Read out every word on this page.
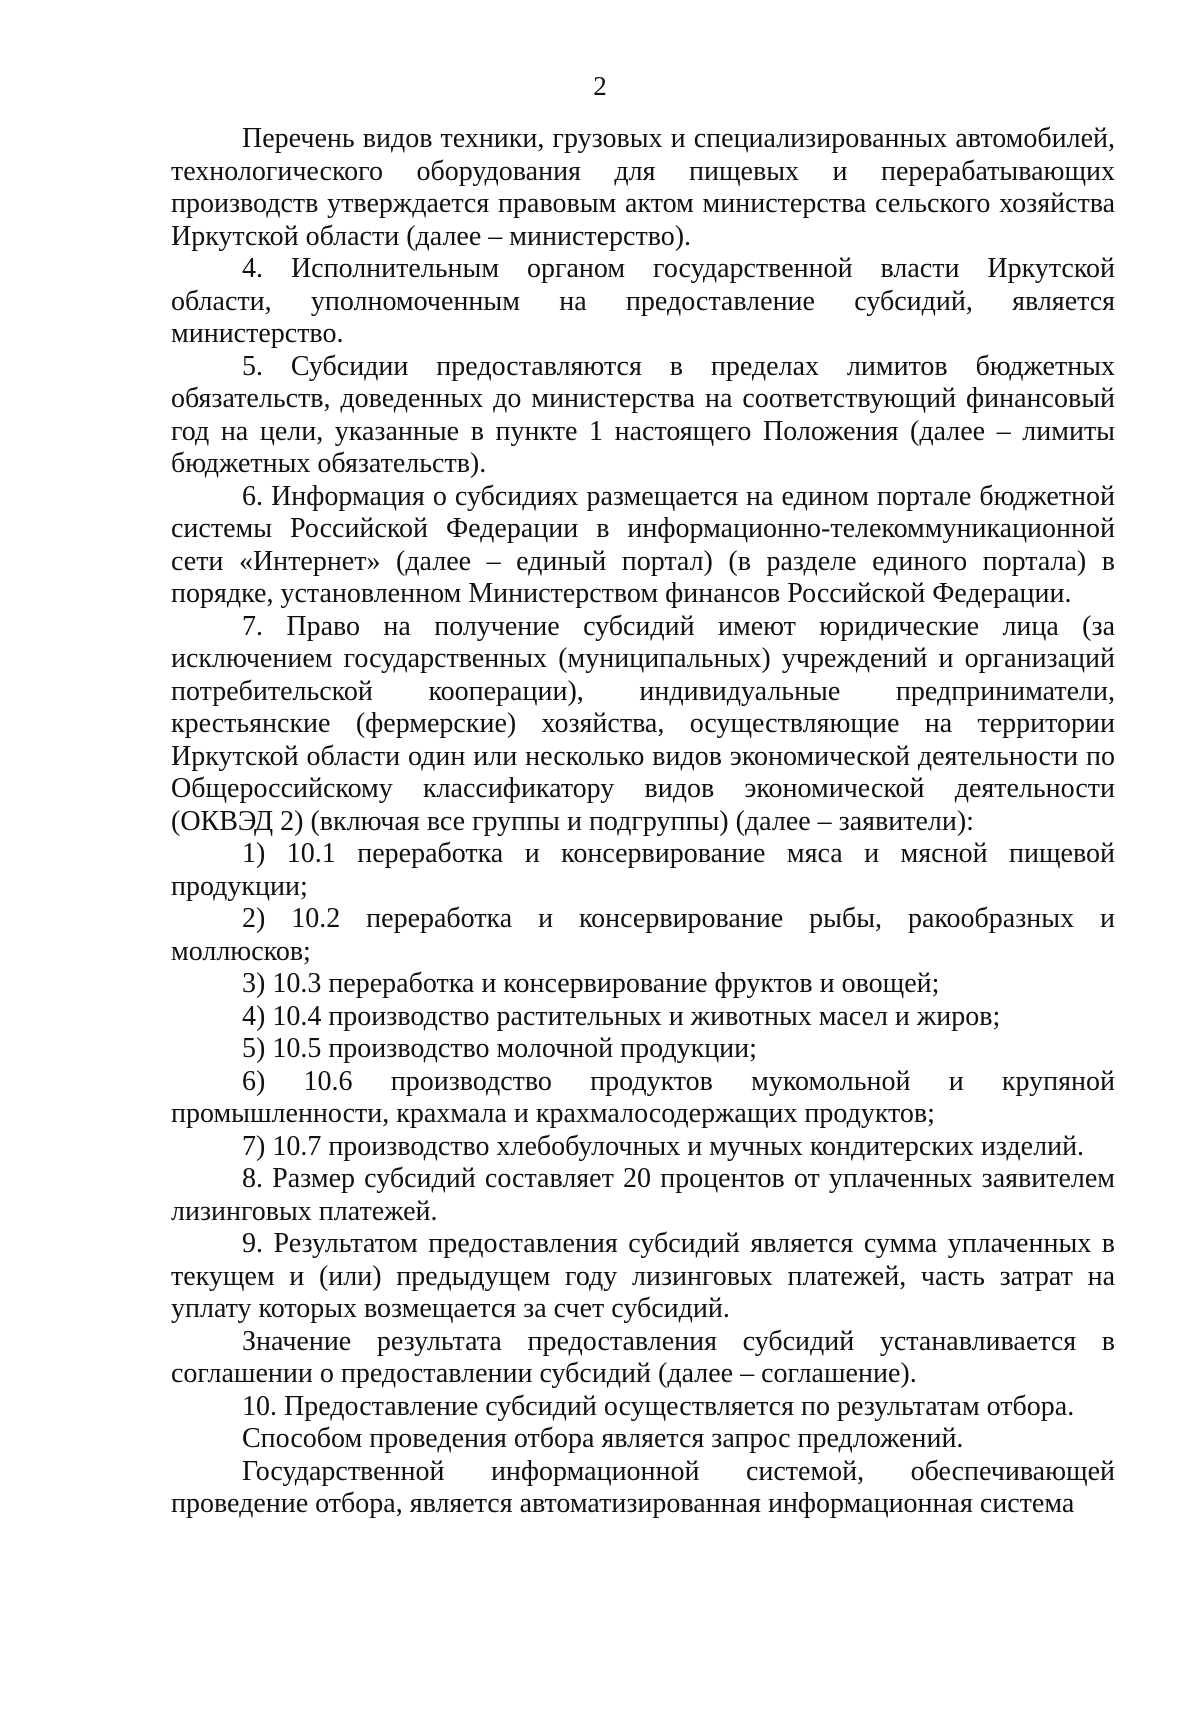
2

Перечень видов техники, грузовых и специализированных автомобилей, технологического оборудования для пищевых и перерабатывающих производств утверждается правовым актом министерства сельского хозяйства Иркутской области (далее – министерство).

4. Исполнительным органом государственной власти Иркутской области, уполномоченным на предоставление субсидий, является министерство.

5. Субсидии предоставляются в пределах лимитов бюджетных обязательств, доведенных до министерства на соответствующий финансовый год на цели, указанные в пункте 1 настоящего Положения (далее – лимиты бюджетных обязательств).

6. Информация о субсидиях размещается на едином портале бюджетной системы Российской Федерации в информационно-телекоммуникационной сети «Интернет» (далее – единый портал) (в разделе единого портала) в порядке, установленном Министерством финансов Российской Федерации.

7. Право на получение субсидий имеют юридические лица (за исключением государственных (муниципальных) учреждений и организаций потребительской кооперации), индивидуальные предприниматели, крестьянские (фермерские) хозяйства, осуществляющие на территории Иркутской области один или несколько видов экономической деятельности по Общероссийскому классификатору видов экономической деятельности (ОКВЭД 2) (включая все группы и подгруппы) (далее – заявители):

1) 10.1 переработка и консервирование мяса и мясной пищевой продукции;

2) 10.2 переработка и консервирование рыбы, ракообразных и моллюсков;

3) 10.3 переработка и консервирование фруктов и овощей;

4) 10.4 производство растительных и животных масел и жиров;

5) 10.5 производство молочной продукции;

6) 10.6 производство продуктов мукомольной и крупяной промышленности, крахмала и крахмалосодержащих продуктов;

7) 10.7 производство хлебобулочных и мучных кондитерских изделий.

8. Размер субсидий составляет 20 процентов от уплаченных заявителем лизинговых платежей.

9. Результатом предоставления субсидий является сумма уплаченных в текущем и (или) предыдущем году лизинговых платежей, часть затрат на уплату которых возмещается за счет субсидий.

Значение результата предоставления субсидий устанавливается в соглашении о предоставлении субсидий (далее – соглашение).

10. Предоставление субсидий осуществляется по результатам отбора.

Способом проведения отбора является запрос предложений.

Государственной информационной системой, обеспечивающей проведение отбора, является автоматизированная информационная система
